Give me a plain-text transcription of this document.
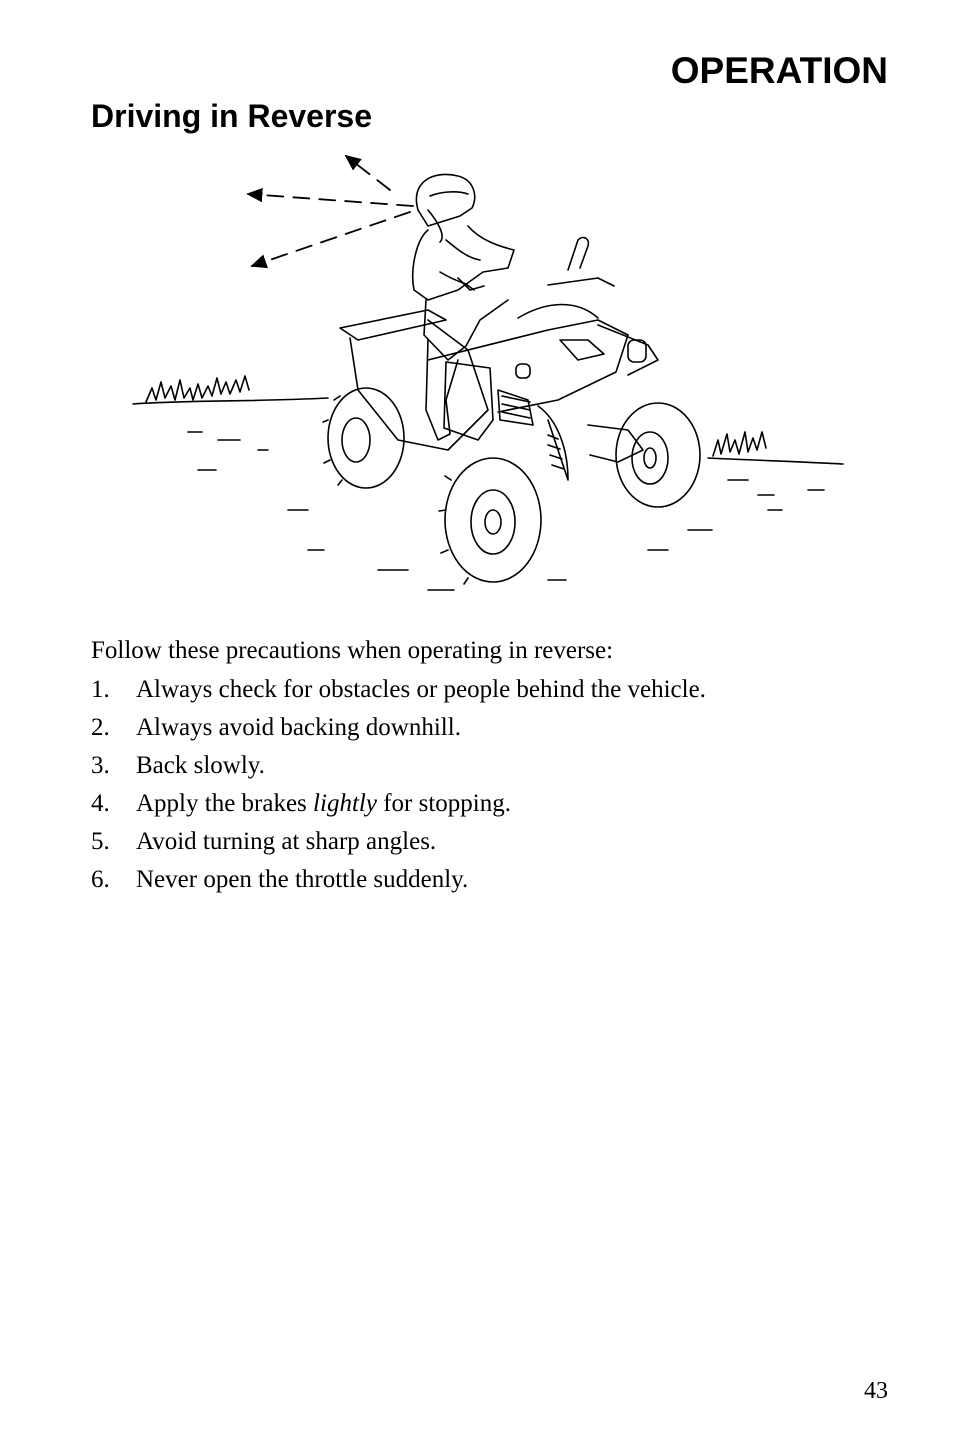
OPERATION
Driving in Reverse

Follow these precautions when operating in reverse:

1.	Always check for obstacles or people behind the vehicle.
2.	Always avoid backing downhill.
3.	Back slowly.
4.	Apply the brakes lightly for stopping.
5.	Avoid turning at sharp angles.
6.	Never open the throttle suddenly.
43
